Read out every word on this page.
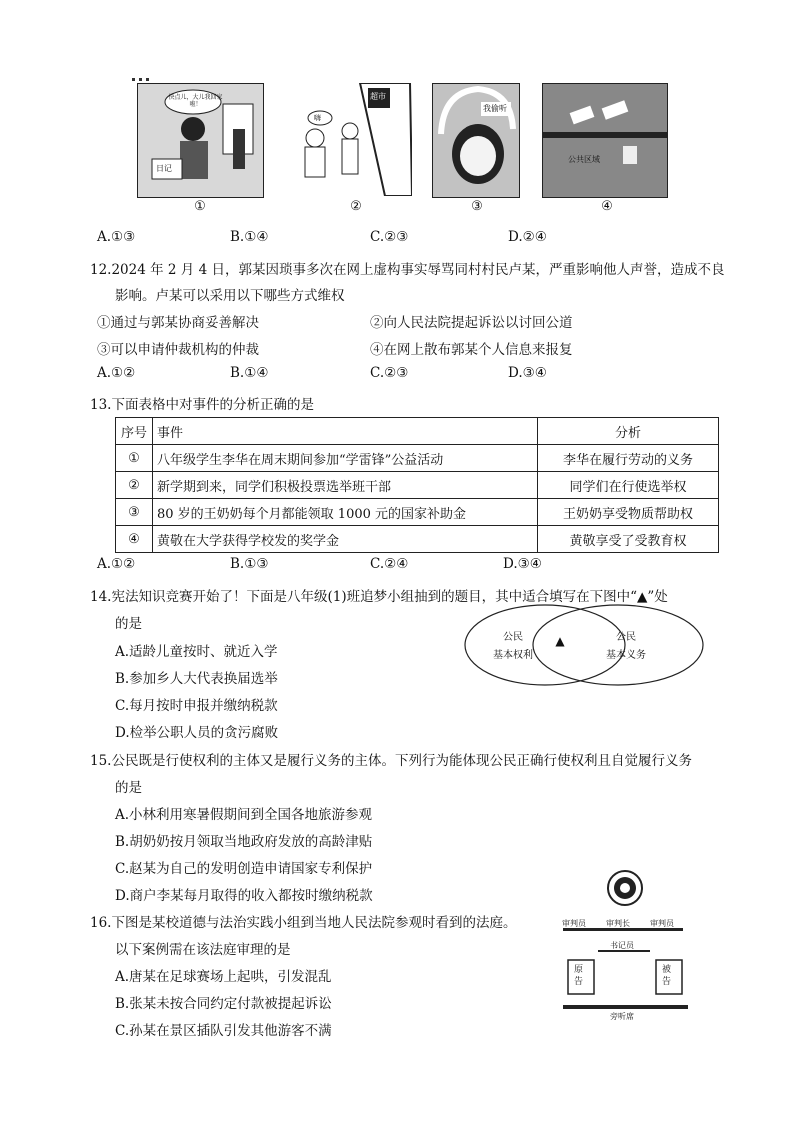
快点儿，大儿我回家啦！
日记
①
嗨
超市
②
我偷听
③
公共区域
④
A.①③	B.①④	C.②③	D.②④
12.2024 年 2 月 4 日，郭某因琐事多次在网上虚构事实辱骂同村村民卢某，严重影响他人声誉，造成不良
影响。卢某可以采用以下哪些方式维权
①通过与郭某协商妥善解决	②向人民法院提起诉讼以讨回公道
③可以申请仲裁机构的仲裁	④在网上散布郭某个人信息来报复
A.①②	B.①④	C.②③	D.③④
13.下面表格中对事件的分析正确的是
序号	事件	分析
①	八年级学生李华在周末期间参加“学雷锋”公益活动	李华在履行劳动的义务
②	新学期到来，同学们积极投票选举班干部	同学们在行使选举权
③	80 岁的王奶奶每个月都能领取 1000 元的国家补助金	王奶奶享受物质帮助权
④	黄敬在大学获得学校发的奖学金	黄敬享受了受教育权
A.①②	B.①③	C.②④	D.③④
14.宪法知识竞赛开始了！下面是八年级(1)班追梦小组抽到的题目，其中适合填写在下图中“▲”处
的是
A.适龄儿童按时、就近入学
B.参加乡人大代表换届选举
C.每月按时申报并缴纳税款
D.检举公职人员的贪污腐败
公民
基本权利
▲	公民
基本义务
15.公民既是行使权利的主体又是履行义务的主体。下列行为能体现公民正确行使权利且自觉履行义务
的是
A.小林利用寒暑假期间到全国各地旅游参观
B.胡奶奶按月领取当地政府发放的高龄津贴
C.赵某为自己的发明创造申请国家专利保护
D.商户李某每月取得的收入都按时缴纳税款
16.下图是某校道德与法治实践小组到当地人民法院参观时看到的法庭。
以下案例需在该法庭审理的是
A.唐某在足球赛场上起哄，引发混乱
B.张某未按合同约定付款被提起诉讼
C.孙某在景区插队引发其他游客不满
审判员	审判长	审判员
书记员
原告
被告
旁听席
